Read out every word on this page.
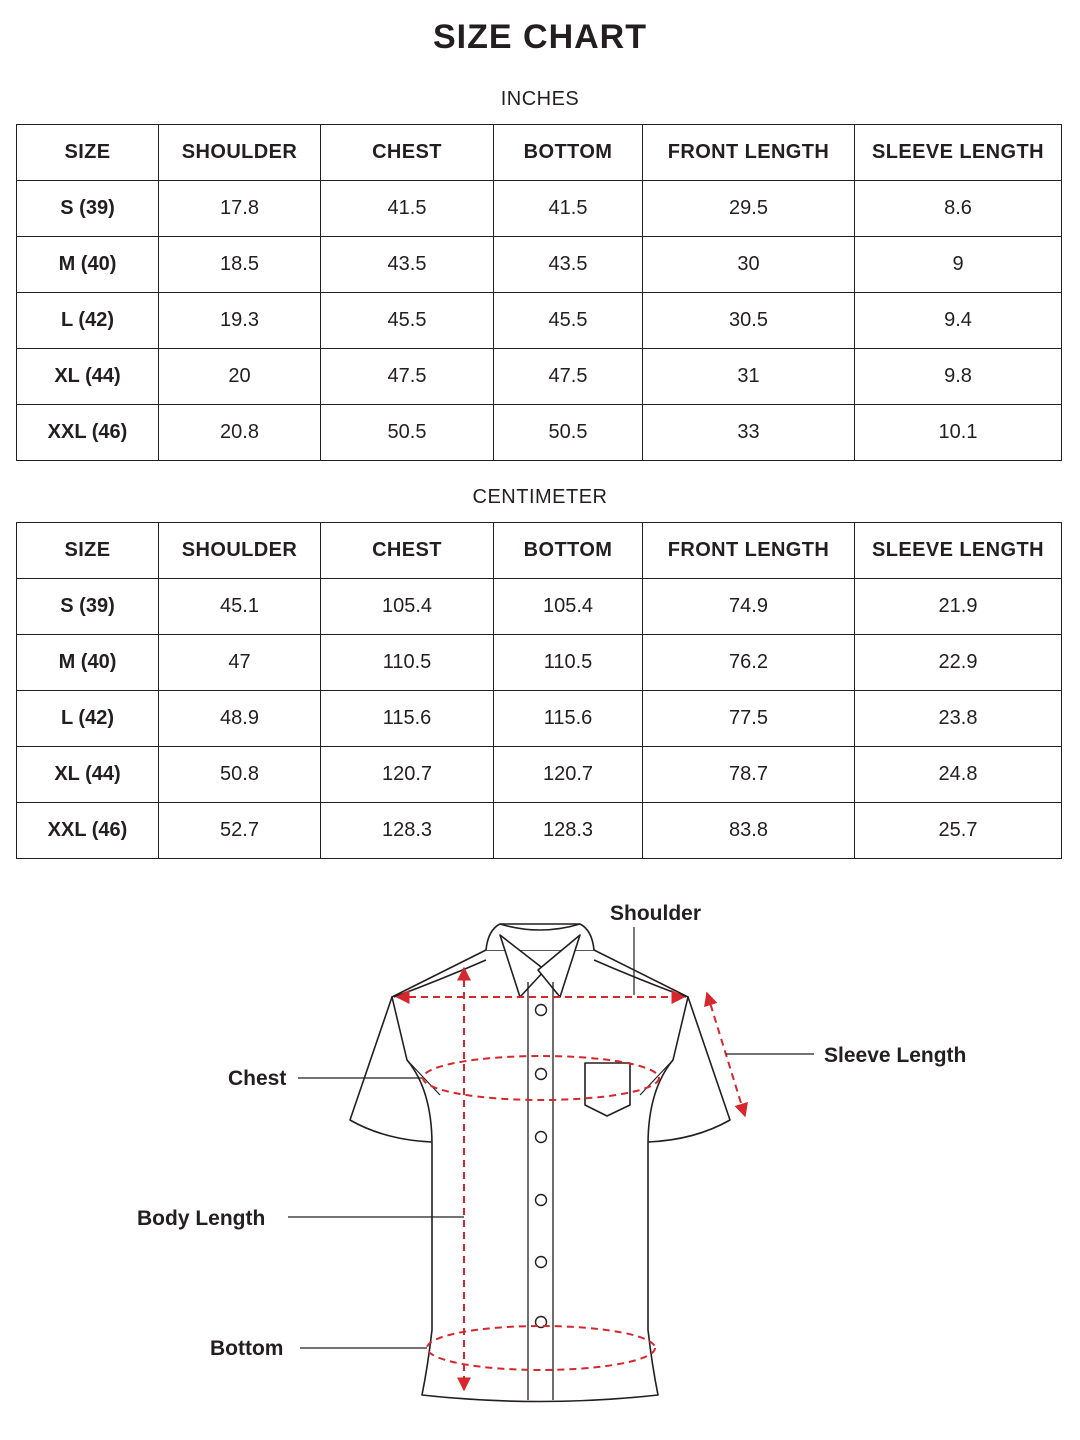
SIZE CHART
INCHES
SIZE	SHOULDER	CHEST	BOTTOM	FRONT LENGTH	SLEEVE LENGTH
S (39)	17.8	41.5	41.5	29.5	8.6
M (40)	18.5	43.5	43.5	30	9
L (42)	19.3	45.5	45.5	30.5	9.4
XL (44)	20	47.5	47.5	31	9.8
XXL (46)	20.8	50.5	50.5	33	10.1
CENTIMETER
SIZE	SHOULDER	CHEST	BOTTOM	FRONT LENGTH	SLEEVE LENGTH
S (39)	45.1	105.4	105.4	74.9	21.9
M (40)	47	110.5	110.5	76.2	22.9
L (42)	48.9	115.6	115.6	77.5	23.8
XL (44)	50.8	120.7	120.7	78.7	24.8
XXL (46)	52.7	128.3	128.3	83.8	25.7
Shoulder
Sleeve Length
Chest
Body Length
Bottom
